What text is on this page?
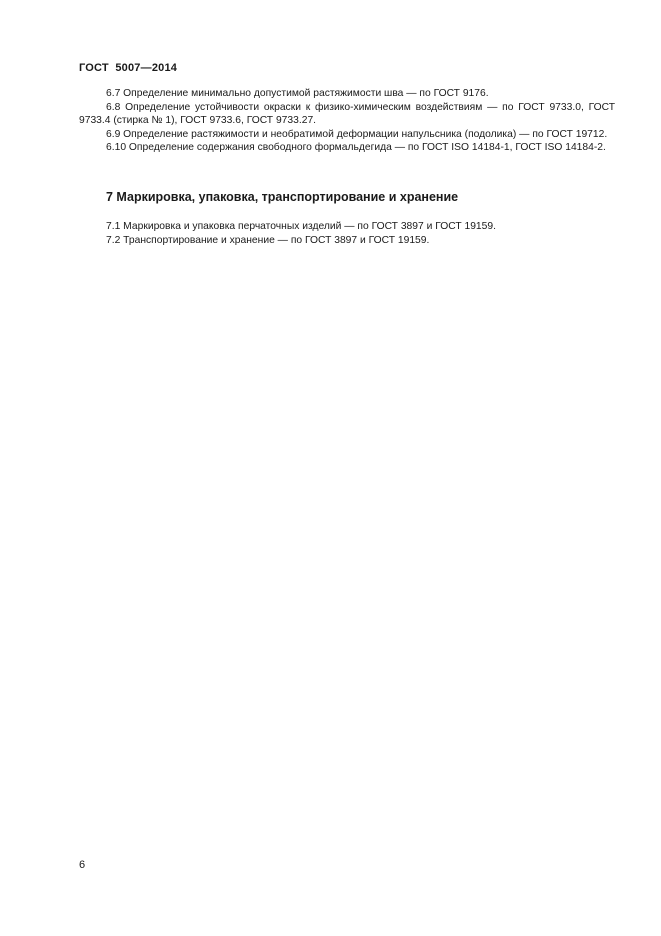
ГОСТ  5007—2014

6.7 Определение минимально допустимой растяжимости шва — по ГОСТ 9176.

6.8 Определение устойчивости окраски к физико-химическим воздействиям — по ГОСТ 9733.0, ГОСТ 9733.4 (стирка № 1), ГОСТ 9733.6, ГОСТ 9733.27.

6.9 Определение растяжимости и необратимой деформации напульсника (подолика) — по ГОСТ 19712.

6.10 Определение содержания свободного формальдегида — по ГОСТ ISO 14184-1, ГОСТ ISO 14184-2.

7 Маркировка, упаковка, транспортирование и хранение

7.1 Маркировка и упаковка перчаточных изделий — по ГОСТ 3897 и ГОСТ 19159.

7.2 Транспортирование и хранение — по ГОСТ 3897 и ГОСТ 19159.

6
